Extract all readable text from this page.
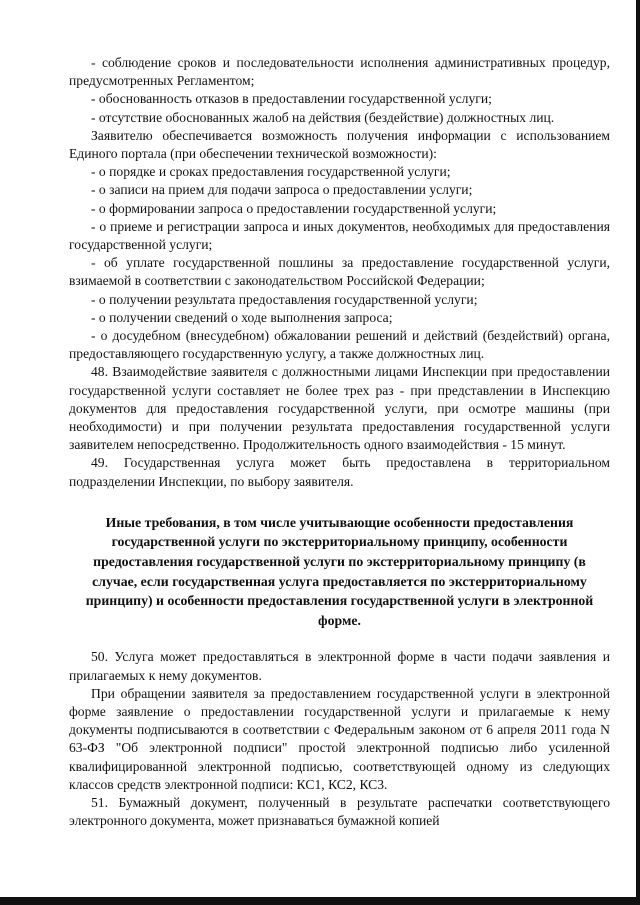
- соблюдение сроков и последовательности исполнения административных процедур, предусмотренных Регламентом;

- обоснованность отказов в предоставлении государственной услуги;

- отсутствие обоснованных жалоб на действия (бездействие) должностных лиц.

Заявителю обеспечивается возможность получения информации с использованием Единого портала (при обеспечении технической возможности):

- о порядке и сроках предоставления государственной услуги;

- о записи на прием для подачи запроса о предоставлении услуги;

- о формировании запроса о предоставлении государственной услуги;

- о приеме и регистрации запроса и иных документов, необходимых для предоставления государственной услуги;

- об уплате государственной пошлины за предоставление государственной услуги, взимаемой в соответствии с законодательством Российской Федерации;

- о получении результата предоставления государственной услуги;

- о получении сведений о ходе выполнения запроса;

- о досудебном (внесудебном) обжаловании решений и действий (бездействий) органа, предоставляющего государственную услугу, а также должностных лиц.

48. Взаимодействие заявителя с должностными лицами Инспекции при предоставлении государственной услуги составляет не более трех раз - при представлении в Инспекцию документов для предоставления государственной услуги, при осмотре машины (при необходимости) и при получении результата предоставления государственной услуги заявителем непосредственно. Продолжительность одного взаимодействия - 15 минут.

49. Государственная услуга может быть предоставлена в территориальном подразделении Инспекции, по выбору заявителя.

Иные требования, в том числе учитывающие особенности предоставления государственной услуги по экстерриториальному принципу, особенности предоставления государственной услуги по экстерриториальному принципу (в случае, если государственная услуга предоставляется по экстерриториальному принципу) и особенности предоставления государственной услуги в электронной форме.

50. Услуга может предоставляться в электронной форме в части подачи заявления и прилагаемых к нему документов.

При обращении заявителя за предоставлением государственной услуги в электронной форме заявление о предоставлении государственной услуги и прилагаемые к нему документы подписываются в соответствии с Федеральным законом от 6 апреля 2011 года N 63-ФЗ "Об электронной подписи" простой электронной подписью либо усиленной квалифицированной электронной подписью, соответствующей одному из следующих классов средств электронной подписи: КС1, КС2, КС3.

51. Бумажный документ, полученный в результате распечатки соответствующего электронного документа, может признаваться бумажной копией
